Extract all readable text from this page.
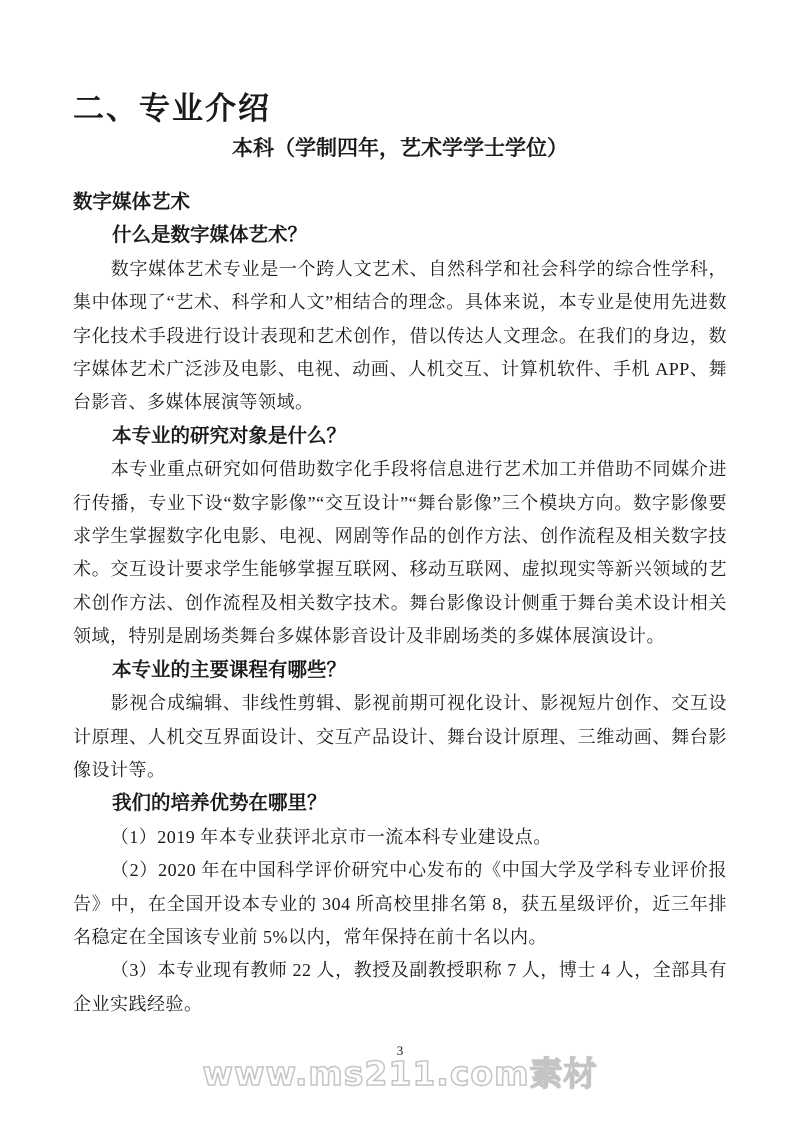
二、专业介绍
本科（学制四年，艺术学学士学位）
数字媒体艺术
什么是数字媒体艺术？

数字媒体艺术专业是一个跨人文艺术、自然科学和社会科学的综合性学科，集中体现了“艺术、科学和人文”相结合的理念。具体来说，本专业是使用先进数字化技术手段进行设计表现和艺术创作，借以传达人文理念。在我们的身边，数字媒体艺术广泛涉及电影、电视、动画、人机交互、计算机软件、手机 APP、舞台影音、多媒体展演等领域。

本专业的研究对象是什么？

本专业重点研究如何借助数字化手段将信息进行艺术加工并借助不同媒介进行传播，专业下设“数字影像”“交互设计”“舞台影像”三个模块方向。数字影像要求学生掌握数字化电影、电视、网剧等作品的创作方法、创作流程及相关数字技术。交互设计要求学生能够掌握互联网、移动互联网、虚拟现实等新兴领域的艺术创作方法、创作流程及相关数字技术。舞台影像设计侧重于舞台美术设计相关领域，特别是剧场类舞台多媒体影音设计及非剧场类的多媒体展演设计。

本专业的主要课程有哪些？

影视合成编辑、非线性剪辑、影视前期可视化设计、影视短片创作、交互设计原理、人机交互界面设计、交互产品设计、舞台设计原理、三维动画、舞台影像设计等。

我们的培养优势在哪里？

（1）2019 年本专业获评北京市一流本科专业建设点。

（2）2020 年在中国科学评价研究中心发布的《中国大学及学科专业评价报告》中，在全国开设本专业的 304 所高校里排名第 8，获五星级评价，近三年排名稳定在全国该专业前 5%以内，常年保持在前十名以内。

（3）本专业现有教师 22 人，教授及副教授职称 7 人，博士 4 人，全部具有企业实践经验。

3
www.ms211.com素材
